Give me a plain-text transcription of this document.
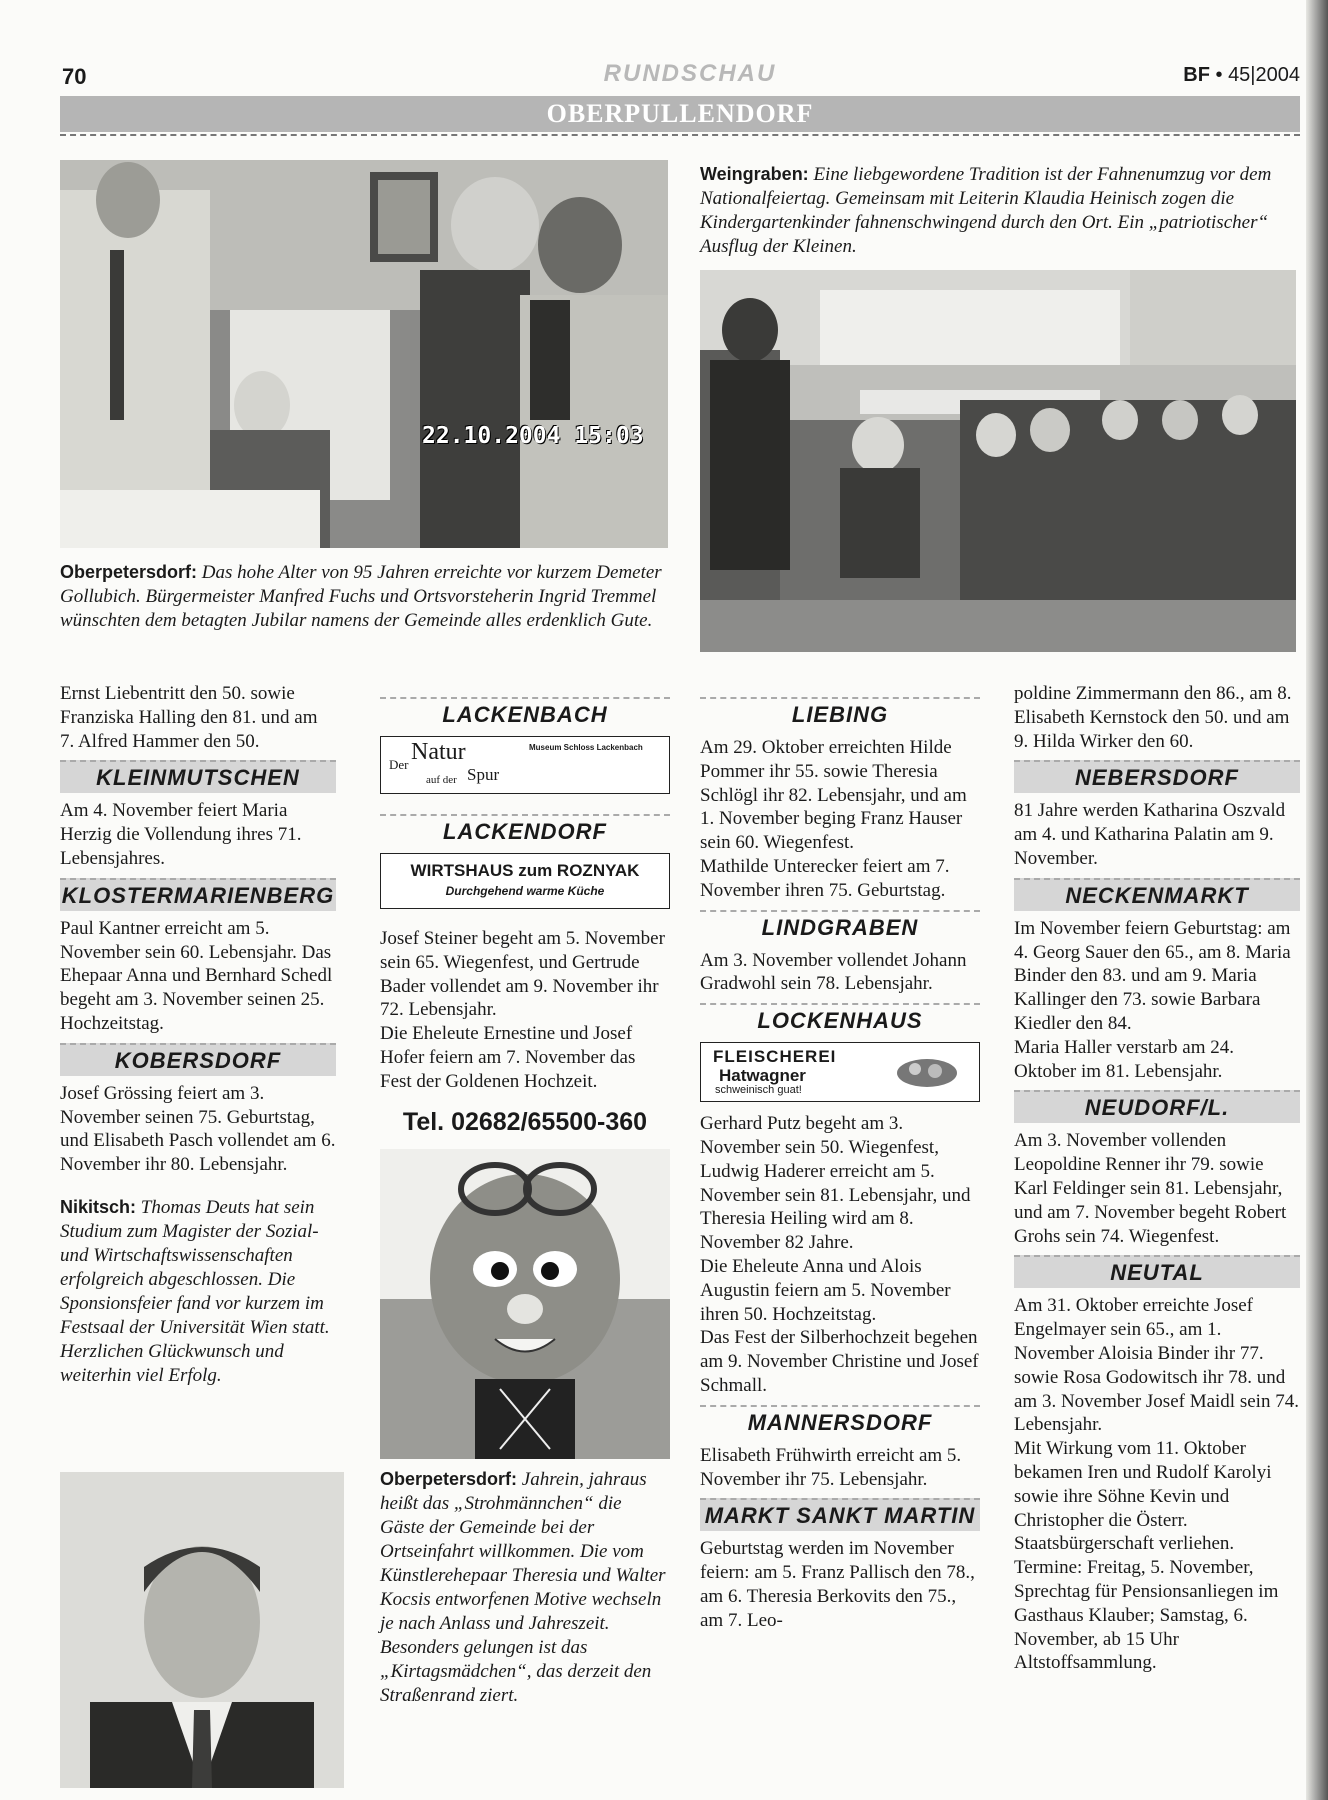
70	RUNDSCHAU	BF • 45|2004
OBERPULLENDORF
22.10.2004 15:03
Oberpetersdorf: Das hohe Alter von 95 Jahren erreichte vor kurzem Demeter Gollubich. Bürgermeister Manfred Fuchs und Ortsvorsteherin Ingrid Tremmel wünschten dem betagten Jubilar namens der Gemeinde alles erdenklich Gute.
Weingraben: Eine liebgewordene Tradition ist der Fahnenumzug vor dem Nationalfeiertag. Gemeinsam mit Leiterin Klaudia Heinisch zogen die Kindergartenkinder fahnenschwingend durch den Ort. Ein „patriotischer“ Ausflug der Kleinen.

Ernst Liebentritt den 50. sowie Franziska Halling den 81. und am 7. Alfred Hammer den 50.

KLEINMUTSCHEN

Am 4. November feiert Maria Herzig die Vollendung ihres 71. Lebensjahres.

KLOSTERMARIENBERG

Paul Kantner erreicht am 5. November sein 60. Lebensjahr. Das Ehepaar Anna und Bernhard Schedl begeht am 3. November seinen 25. Hochzeitstag.

KOBERSDORF

Josef Grössing feiert am 3. November seinen 75. Geburtstag, und Elisabeth Pasch vollendet am 6. November ihr 80. Lebensjahr.

Nikitsch: Thomas Deuts hat sein Studium zum Magister der Sozial- und Wirtschaftswissenschaften erfolgreich abgeschlossen. Die Sponsionsfeier fand vor kurzem im Festsaal der Universität Wien statt. Herzlichen Glückwunsch und weiterhin viel Erfolg.

LACKENBACH
Der Natur
auf der Spur
Museum Schloss Lackenbach
LACKENDORF
WIRTSHAUS zum ROZNYAK
Durchgehend warme Küche

Josef Steiner begeht am 5. November sein 65. Wiegenfest, und Gertrude Bader vollendet am 9. November ihr 72. Lebensjahr.

Die Eheleute Ernestine und Josef Hofer feiern am 7. November das Fest der Goldenen Hochzeit.

Tel. 02682/65500-360

Oberpetersdorf: Jahrein, jahraus heißt das „Strohmännchen“ die Gäste der Gemeinde bei der Ortseinfahrt willkommen. Die vom Künstlerehepaar Theresia und Walter Kocsis entworfenen Motive wechseln je nach Anlass und Jahreszeit. Besonders gelungen ist das „Kirtagsmädchen“, das derzeit den Straßenrand ziert.

LIEBING

Am 29. Oktober erreichten Hilde Pommer ihr 55. sowie Theresia Schlögl ihr 82. Lebensjahr, und am 1. November beging Franz Hauser sein 60. Wiegenfest.

Mathilde Unterecker feiert am 7. November ihren 75. Geburtstag.

LINDGRABEN

Am 3. November vollendet Johann Gradwohl sein 78. Lebensjahr.

LOCKENHAUS
FLEISCHEREI
Hatwagner
schweinisch guat!

Gerhard Putz begeht am 3. November sein 50. Wiegenfest, Ludwig Haderer erreicht am 5. November sein 81. Lebensjahr, und Theresia Heiling wird am 8. November 82 Jahre.

Die Eheleute Anna und Alois Augustin feiern am 5. November ihren 50. Hochzeitstag.

Das Fest der Silberhochzeit begehen am 9. November Christine und Josef Schmall.

MANNERSDORF

Elisabeth Frühwirth erreicht am 5. November ihr 75. Lebensjahr.

MARKT SANKT MARTIN

Geburtstag werden im November feiern: am 5. Franz Pallisch den 78., am 6. Theresia Berkovits den 75., am 7. Leo-

poldine Zimmermann den 86., am 8. Elisabeth Kernstock den 50. und am 9. Hilda Wirker den 60.

NEBERSDORF

81 Jahre werden Katharina Oszvald am 4. und Katharina Palatin am 9. November.

NECKENMARKT

Im November feiern Geburtstag: am 4. Georg Sauer den 65., am 8. Maria Binder den 83. und am 9. Maria Kallinger den 73. sowie Barbara Kiedler den 84.

Maria Haller verstarb am 24. Oktober im 81. Lebensjahr.

NEUDORF/L.

Am 3. November vollenden Leopoldine Renner ihr 79. sowie Karl Feldinger sein 81. Lebensjahr, und am 7. November begeht Robert Grohs sein 74. Wiegenfest.

NEUTAL

Am 31. Oktober erreichte Josef Engelmayer sein 65., am 1. November Aloisia Binder ihr 77. sowie Rosa Godowitsch ihr 78. und am 3. November Josef Maidl sein 74. Lebensjahr.

Mit Wirkung vom 11. Oktober bekamen Iren und Rudolf Karolyi sowie ihre Söhne Kevin und Christopher die Österr. Staatsbürgerschaft verliehen.

Termine: Freitag, 5. November, Sprechtag für Pensionsanliegen im Gasthaus Klauber; Samstag, 6. November, ab 15 Uhr Altstoffsammlung.
